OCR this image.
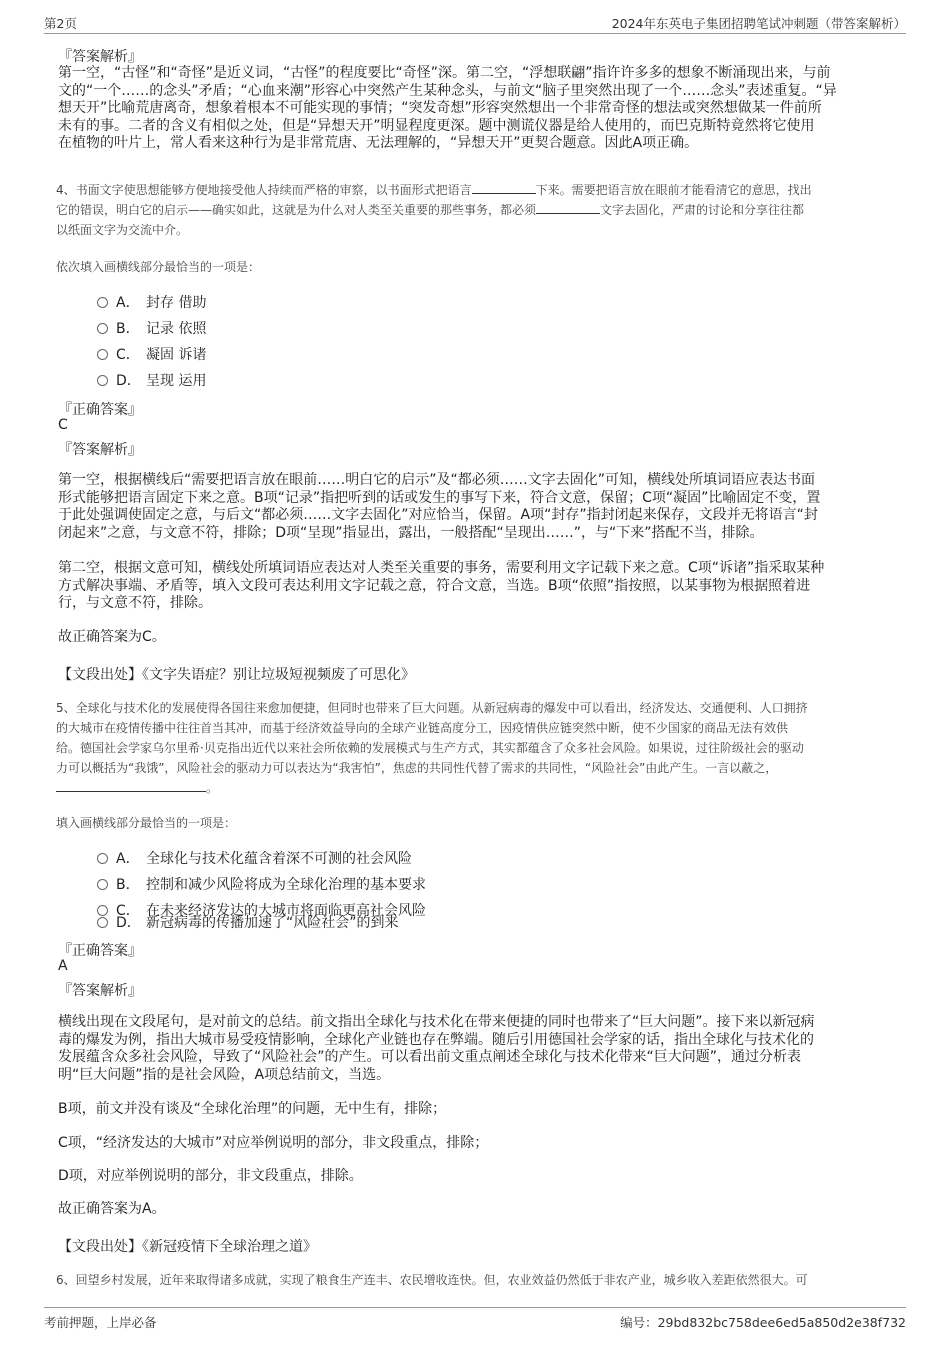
第2页	2024年东英电子集团招聘笔试冲刺题（带答案解析）
『答案解析』
第一空，“古怪”和“奇怪”是近义词，“古怪”的程度要比“奇怪”深。第二空，“浮想联翩”指许许多多的想象不断涌现出来，与前
文的“一个……的念头”矛盾；“心血来潮”形容心中突然产生某种念头，与前文“脑子里突然出现了一个……念头”表述重复。“异
想天开”比喻荒唐离奇，想象着根本不可能实现的事情；“突发奇想”形容突然想出一个非常奇怪的想法或突然想做某一件前所
未有的事。二者的含义有相似之处，但是“异想天开”明显程度更深。题中测谎仪器是给人使用的，而巴克斯特竟然将它使用
在植物的叶片上，常人看来这种行为是非常荒唐、无法理解的，“异想天开”更契合题意。因此A项正确。
4、书面文字使思想能够方便地接受他人持续而严格的审察，以书面形式把语言	下来。需要把语言放在眼前才能看清它的意思，找出
它的错误，明白它的启示——确实如此，这就是为什么对人类至关重要的那些事务，都必须	文字去固化，严肃的讨论和分享往往都
以纸面文字为交流中介。
依次填入画横线部分最恰当的一项是：
A． 封存 借助
B． 记录 依照
C． 凝固 诉诸
D． 呈现 运用
『正确答案』
C
『答案解析』
第一空，根据横线后“需要把语言放在眼前……明白它的启示”及“都必须……文字去固化”可知，横线处所填词语应表达书面
形式能够把语言固定下来之意。B项“记录”指把听到的话或发生的事写下来，符合文意，保留；C项“凝固”比喻固定不变，置
于此处强调使固定之意，与后文“都必须……文字去固化”对应恰当，保留。A项“封存”指封闭起来保存，文段并无将语言“封
闭起来”之意，与文意不符，排除；D项“呈现”指显出，露出，一般搭配“呈现出……”，与“下来”搭配不当，排除。
第二空，根据文意可知，横线处所填词语应表达对人类至关重要的事务，需要利用文字记载下来之意。C项“诉诸”指采取某种
方式解决事端、矛盾等，填入文段可表达利用文字记载之意，符合文意，当选。B项“依照”指按照，以某事物为根据照着进
行，与文意不符，排除。
故正确答案为C。
【文段出处】《文字失语症？别让垃圾短视频废了可思化》
5、全球化与技术化的发展使得各国往来愈加便捷，但同时也带来了巨大问题。从新冠病毒的爆发中可以看出，经济发达、交通便利、人口拥挤
的大城市在疫情传播中往往首当其冲，而基于经济效益导向的全球产业链高度分工，因疫情供应链突然中断，使不少国家的商品无法有效供
给。德国社会学家乌尔里希·贝克指出近代以来社会所依赖的发展模式与生产方式，其实都蕴含了众多社会风险。如果说，过往阶级社会的驱动
力可以概括为“我饿”，风险社会的驱动力可以表达为“我害怕”，焦虑的共同性代替了需求的共同性，“风险社会”由此产生。一言以蔽之，
。
填入画横线部分最恰当的一项是：
A． 全球化与技术化蕴含着深不可测的社会风险
B． 控制和减少风险将成为全球化治理的基本要求
C． 在未来经济发达的大城市将面临更高社会风险
D． 新冠病毒的传播加速了“风险社会”的到来
『正确答案』
A
『答案解析』
横线出现在文段尾句，是对前文的总结。前文指出全球化与技术化在带来便捷的同时也带来了“巨大问题”。接下来以新冠病
毒的爆发为例，指出大城市易受疫情影响，全球化产业链也存在弊端。随后引用德国社会学家的话，指出全球化与技术化的
发展蕴含众多社会风险，导致了“风险社会”的产生。可以看出前文重点阐述全球化与技术化带来“巨大问题”，通过分析表
明“巨大问题”指的是社会风险，A项总结前文，当选。
B项，前文并没有谈及“全球化治理”的问题，无中生有，排除；
C项，“经济发达的大城市”对应举例说明的部分，非文段重点，排除；
D项，对应举例说明的部分，非文段重点，排除。
故正确答案为A。
【文段出处】《新冠疫情下全球治理之道》
6、回望乡村发展，近年来取得诸多成就，实现了粮食生产连丰、农民增收连快。但，农业效益仍然低于非农产业，城乡收入差距依然很大。可
考前押题，上岸必备	编号：29bd832bc758dee6ed5a850d2e38f732
